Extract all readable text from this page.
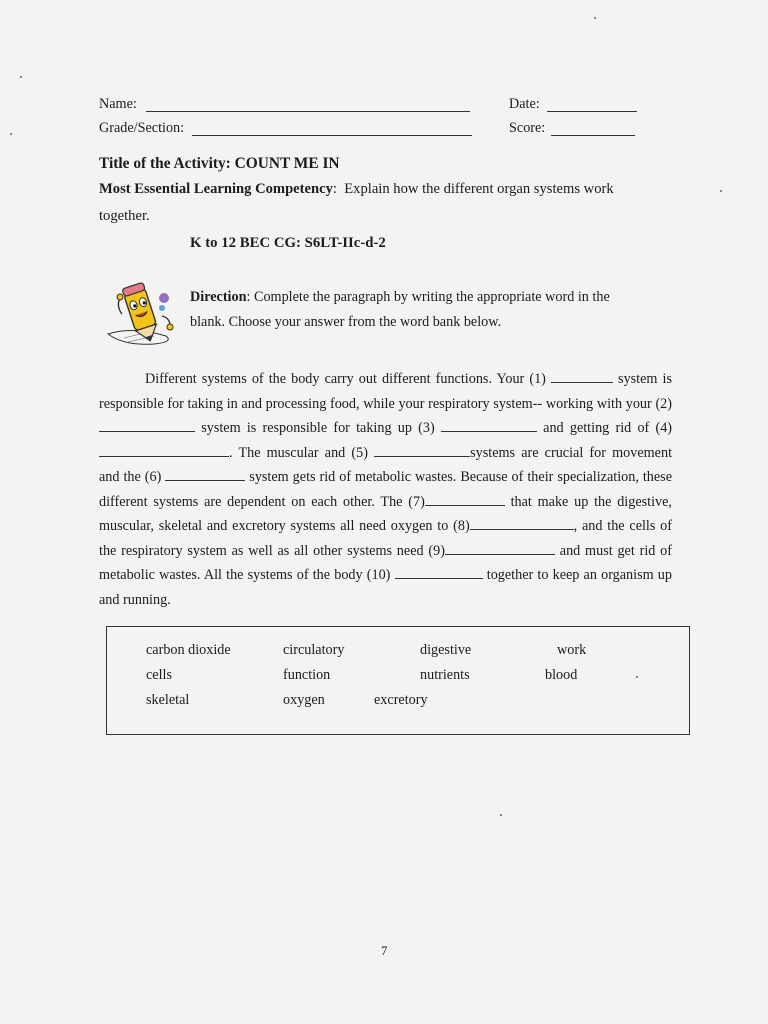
Name:	Date:
Grade/Section:	Score:
Title of the Activity: COUNT ME IN
Most Essential Learning Competency:  Explain how the different organ systems work
together.
K to 12 BEC CG: S6LT-IIc-d-2
Direction: Complete the paragraph by writing the appropriate word in the
blank. Choose your answer from the word bank below.

Different systems of the body carry out different functions. Your (1)	system is responsible for taking in and processing food, while your respiratory system-- working with your (2)  system is responsible for taking up (3)	and getting rid of (4) . The muscular and (5)	systems are crucial for movement and the (6)	system gets rid of metabolic wastes. Because of their specialization, these different systems are dependent on each other. The (7)	that make up the digestive, muscular, skeletal and excretory systems all need oxygen to (8)	, and the cells of the respiratory system as well as all other systems need (9)	and must get rid of metabolic wastes. All the systems of the body (10)	together to keep an organism up and running.

carbon dioxide	circulatory	digestive	work
cells	function	nutrients	blood
skeletal	oxygen	excretory
7
